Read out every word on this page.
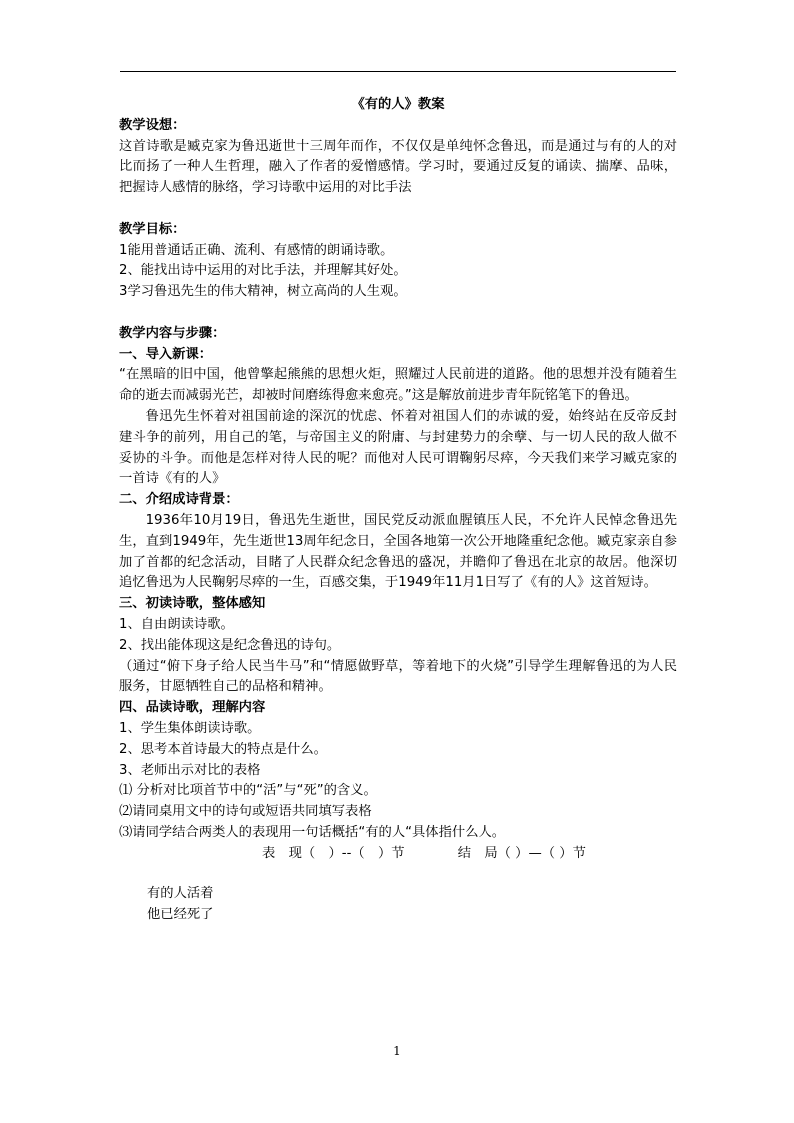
《有的人》教案

教学设想：

这首诗歌是臧克家为鲁迅逝世十三周年而作，不仅仅是单纯怀念鲁迅，而是通过与有的人的对比而扬了一种人生哲理，融入了作者的爱憎感情。学习时，要通过反复的诵读、揣摩、品味，把握诗人感情的脉络，学习诗歌中运用的对比手法

教学目标：

1能用普通话正确、流利、有感情的朗诵诗歌。

2、能找出诗中运用的对比手法，并理解其好处。

3学习鲁迅先生的伟大精神，树立高尚的人生观。

教学内容与步骤：

一、导入新课：

“在黑暗的旧中国，他曾擎起熊熊的思想火炬，照耀过人民前进的道路。他的思想并没有随着生命的逝去而减弱光芒，却被时间磨练得愈来愈亮。”这是解放前进步青年阮铭笔下的鲁迅。

鲁迅先生怀着对祖国前途的深沉的忧虑、怀着对祖国人们的赤诚的爱，始终站在反帝反封建斗争的前列，用自己的笔，与帝国主义的附庸、与封建势力的余孽、与一切人民的敌人做不妥协的斗争。而他是怎样对待人民的呢？而他对人民可谓鞠躬尽瘁，今天我们来学习臧克家的一首诗《有的人》

二、介绍成诗背景：

1936年10月19日，鲁迅先生逝世，国民党反动派血腥镇压人民，不允许人民悼念鲁迅先生，直到1949年，先生逝世13周年纪念日，全国各地第一次公开地隆重纪念他。臧克家亲自参加了首都的纪念活动，目睹了人民群众纪念鲁迅的盛况，并瞻仰了鲁迅在北京的故居。他深切追忆鲁迅为人民鞠躬尽瘁的一生，百感交集，于1949年11月1日写了《有的人》这首短诗。

三、初读诗歌，整体感知

1、自由朗读诗歌。

2、找出能体现这是纪念鲁迅的诗句。

（通过“俯下身子给人民当牛马”和“情愿做野草，等着地下的火烧”引导学生理解鲁迅的为人民服务，甘愿牺牲自己的品格和精神。

四、品读诗歌，理解内容

1、学生集体朗读诗歌。

2、思考本首诗最大的特点是什么。

3、老师出示对比的表格

⑴ 分析对比项首节中的“活”与“死”的含义。

⑵请同桌用文中的诗句或短语共同填写表格

⑶请同学结合两类人的表现用一句话概括“有的人“具体指什么人。

表　现（　）--（　）节　　　　结　局（ ）—（ ）节

有的人活着

他已经死了

1
